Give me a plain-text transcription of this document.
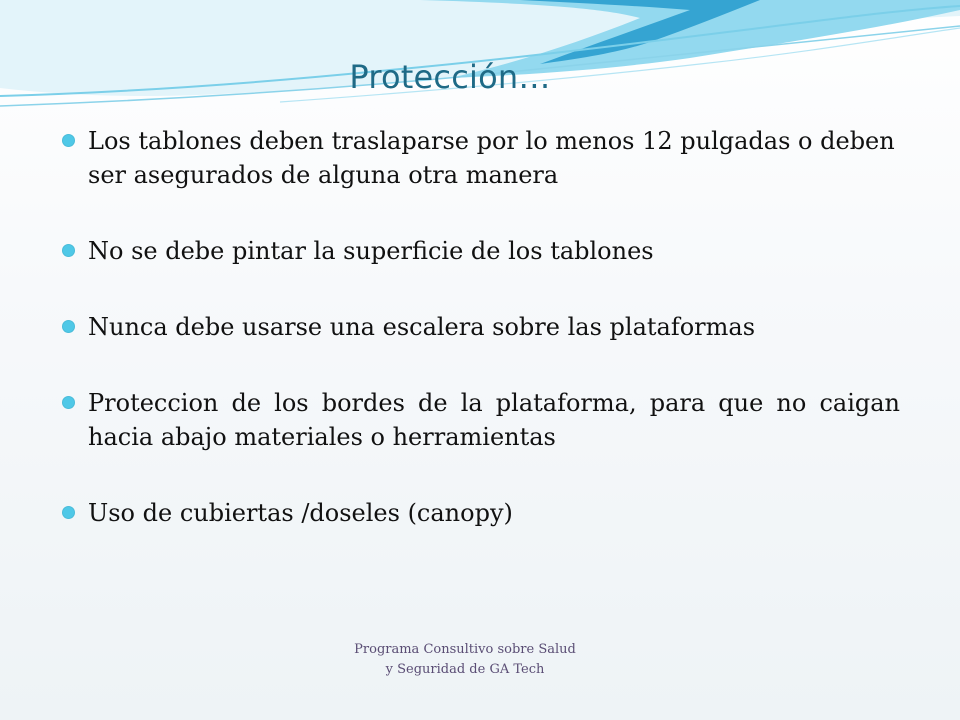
Protección…
Los tablones deben traslaparse por lo menos 12 pulgadas o deben ser asegurados de alguna otra manera
No se debe pintar la superficie de los tablones
Nunca debe usarse una escalera sobre las plataformas
Proteccion de los bordes de la plataforma, para que no caigan hacia abajo materiales o herramientas
Uso de cubiertas /doseles (canopy)
Programa Consultivo sobre Salud
y Seguridad de GA Tech
